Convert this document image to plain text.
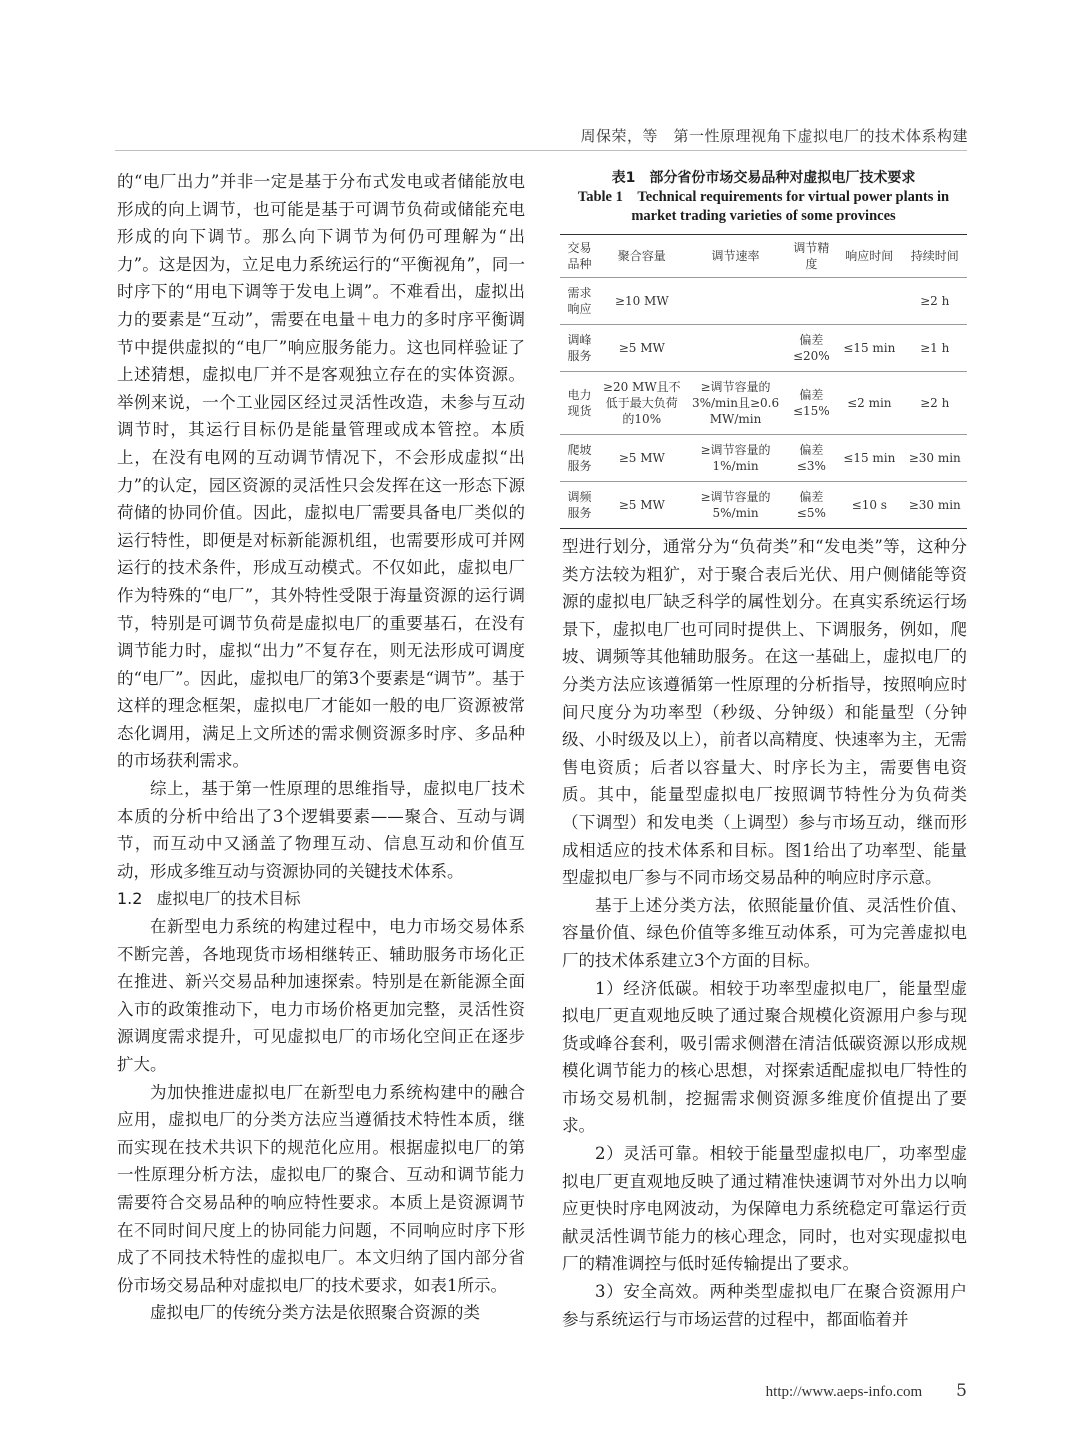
周保荣，等　第一性原理视角下虚拟电厂的技术体系构建

的“电厂出力”并非一定是基于分布式发电或者储能放电形成的向上调节，也可能是基于可调节负荷或储能充电形成的向下调节。那么向下调节为何仍可理解为“出力”。这是因为，立足电力系统运行的“平衡视角”，同一时序下的“用电下调等于发电上调”。不难看出，虚拟出力的要素是“互动”，需要在电量＋电力的多时序平衡调节中提供虚拟的“电厂”响应服务能力。这也同样验证了上述猜想，虚拟电厂并不是客观独立存在的实体资源。举例来说，一个工业园区经过灵活性改造，未参与互动调节时，其运行目标仍是能量管理或成本管控。本质上，在没有电网的互动调节情况下，不会形成虚拟“出力”的认定，园区资源的灵活性只会发挥在这一形态下源荷储的协同价值。因此，虚拟电厂需要具备电厂类似的运行特性，即便是对标新能源机组，也需要形成可并网运行的技术条件，形成互动模式。不仅如此，虚拟电厂作为特殊的“电厂”，其外特性受限于海量资源的运行调节，特别是可调节负荷是虚拟电厂的重要基石，在没有调节能力时，虚拟“出力”不复存在，则无法形成可调度的“电厂”。因此，虚拟电厂的第3个要素是“调节”。基于这样的理念框架，虚拟电厂才能如一般的电厂资源被常态化调用，满足上文所述的需求侧资源多时序、多品种的市场获利需求。

综上，基于第一性原理的思维指导，虚拟电厂技术本质的分析中给出了3个逻辑要素——聚合、互动与调节，而互动中又涵盖了物理互动、信息互动和价值互动，形成多维互动与资源协同的关键技术体系。

1.2 虚拟电厂的技术目标

在新型电力系统的构建过程中，电力市场交易体系不断完善，各地现货市场相继转正、辅助服务市场化正在推进、新兴交易品种加速探索。特别是在新能源全面入市的政策推动下，电力市场价格更加完整，灵活性资源调度需求提升，可见虚拟电厂的市场化空间正在逐步扩大。

为加快推进虚拟电厂在新型电力系统构建中的融合应用，虚拟电厂的分类方法应当遵循技术特性本质，继而实现在技术共识下的规范化应用。根据虚拟电厂的第一性原理分析方法，虚拟电厂的聚合、互动和调节能力需要符合交易品种的响应特性要求。本质上是资源调节在不同时间尺度上的协同能力问题，不同响应时序下形成了不同技术特性的虚拟电厂。本文归纳了国内部分省份市场交易品种对虚拟电厂的技术要求，如表1所示。

虚拟电厂的传统分类方法是依照聚合资源的类

表1　部分省份市场交易品种对虚拟电厂技术要求
Table 1　Technical requirements for virtual power plants in market trading varieties of some provinces
交易品种	聚合容量	调节速率	调节精度	响应时间	持续时间
需求响应	≥10 MW				≥2 h
调峰服务	≥5 MW		偏差≤20%	≤15 min	≥1 h
电力现货	≥20 MW且不低于最大负荷的10%	≥调节容量的3%/min且≥0.6 MW/min	偏差≤15%	≤2 min	≥2 h
爬坡服务	≥5 MW	≥调节容量的1%/min	偏差≤3%	≤15 min	≥30 min
调频服务	≥5 MW	≥调节容量的5%/min	偏差≤5%	≤10 s	≥30 min

型进行划分，通常分为“负荷类”和“发电类”等，这种分类方法较为粗犷，对于聚合表后光伏、用户侧储能等资源的虚拟电厂缺乏科学的属性划分。在真实系统运行场景下，虚拟电厂也可同时提供上、下调服务，例如，爬坡、调频等其他辅助服务。在这一基础上，虚拟电厂的分类方法应该遵循第一性原理的分析指导，按照响应时间尺度分为功率型（秒级、分钟级）和能量型（分钟级、小时级及以上），前者以高精度、快速率为主，无需售电资质；后者以容量大、时序长为主，需要售电资质。其中，能量型虚拟电厂按照调节特性分为负荷类（下调型）和发电类（上调型）参与市场互动，继而形成相适应的技术体系和目标。图1给出了功率型、能量型虚拟电厂参与不同市场交易品种的响应时序示意。

基于上述分类方法，依照能量价值、灵活性价值、容量价值、绿色价值等多维互动体系，可为完善虚拟电厂的技术体系建立3个方面的目标。

1）经济低碳。相较于功率型虚拟电厂，能量型虚拟电厂更直观地反映了通过聚合规模化资源用户参与现货或峰谷套利，吸引需求侧潜在清洁低碳资源以形成规模化调节能力的核心思想，对探索适配虚拟电厂特性的市场交易机制，挖掘需求侧资源多维度价值提出了要求。

2）灵活可靠。相较于能量型虚拟电厂，功率型虚拟电厂更直观地反映了通过精准快速调节对外出力以响应更快时序电网波动，为保障电力系统稳定可靠运行贡献灵活性调节能力的核心理念，同时，也对实现虚拟电厂的精准调控与低时延传输提出了要求。

3）安全高效。两种类型虚拟电厂在聚合资源用户参与系统运行与市场运营的过程中，都面临着并

http://www.aeps-info.com 5
